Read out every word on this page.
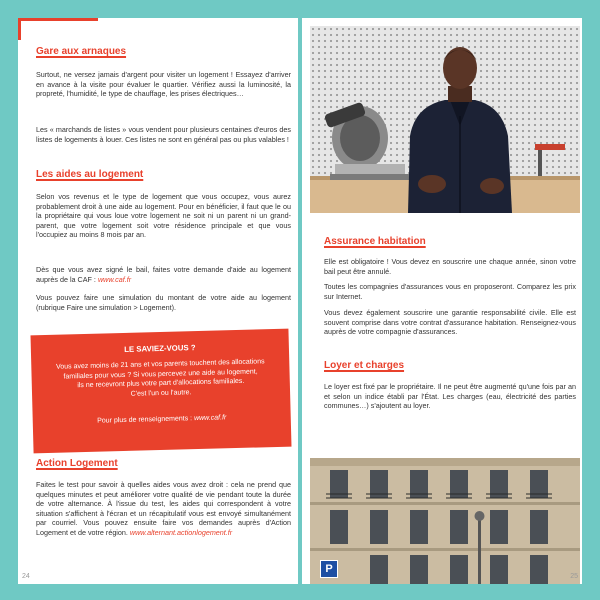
Gare aux arnaques

Surtout, ne versez jamais d'argent pour visiter un logement ! Essayez d'arriver en avance à la visite pour évaluer le quartier. Vérifiez aussi la luminosité, la propreté, l'humidité, le type de chauffage, les prises électriques…

Les « marchands de listes » vous vendent pour plusieurs centaines d'euros des listes de logements à louer. Ces listes ne sont en général pas ou plus valables !

Les aides au logement

Selon vos revenus et le type de logement que vous occupez, vous aurez probablement droit à une aide au logement. Pour en bénéficier, il faut que le ou la propriétaire qui vous loue votre logement ne soit ni un parent ni un grand-parent, que votre logement soit votre résidence principale et que vous l'occupiez au moins 8 mois par an.

Dès que vous avez signé le bail, faites votre demande d'aide au logement auprès de la CAF : www.caf.fr

Vous pouvez faire une simulation du montant de votre aide au logement (rubrique Faire une simulation > Logement).

LE SAVIEZ-VOUS ?
Vous avez moins de 21 ans et vos parents touchent des allocations
familiales pour vous ? Si vous percevez une aide au logement,
ils ne recevront plus votre part d'allocations familiales.
C'est l'un ou l'autre.
Pour plus de renseignements : www.caf.fr
Action Logement

Faites le test pour savoir à quelles aides vous avez droit : cela ne prend que quelques minutes et peut améliorer votre qualité de vie pendant toute la durée de votre alternance. À l'issue du test, les aides qui correspondent à votre situation s'affichent à l'écran et un récapitulatif vous est envoyé simultanément par courriel. Vous pouvez ensuite faire vos demandes auprès d'Action Logement et de votre région. www.alternant.actionlogement.fr

24
Assurance habitation

Elle est obligatoire ! Vous devez en souscrire une chaque année, sinon votre bail peut être annulé.

Toutes les compagnies d'assurances vous en proposeront. Comparez les prix sur Internet.

Vous devez également souscrire une garantie responsabilité civile. Elle est souvent comprise dans votre contrat d'assurance habitation. Renseignez-vous auprès de votre compagnie d'assurances.

Loyer et charges

Le loyer est fixé par le propriétaire. Il ne peut être augmenté qu'une fois par an et selon un indice établi par l'État. Les charges (eau, électricité des parties communes…) s'ajoutent au loyer.

P
25
